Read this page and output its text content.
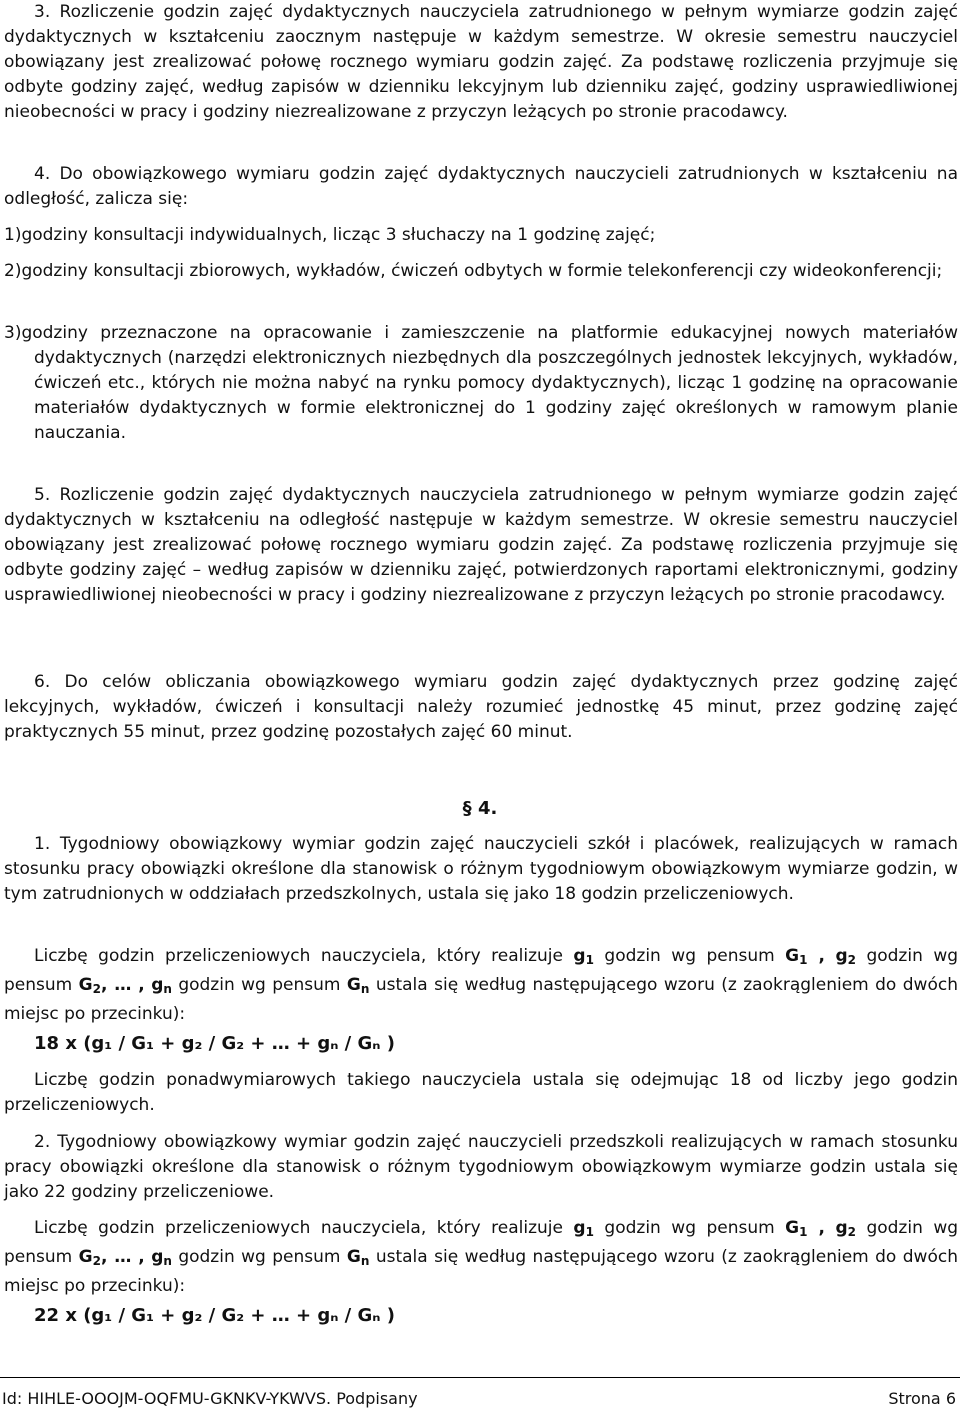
3. Rozliczenie godzin zajęć dydaktycznych nauczyciela zatrudnionego w pełnym wymiarze godzin zajęć dydaktycznych w kształceniu zaocznym następuje w każdym semestrze. W okresie semestru nauczyciel obowiązany jest zrealizować połowę rocznego wymiaru godzin zajęć. Za podstawę rozliczenia przyjmuje się odbyte godziny zajęć, według zapisów w dzienniku lekcyjnym lub dzienniku zajęć, godziny usprawiedliwionej nieobecności w pracy i godziny niezrealizowane z przyczyn leżących po stronie pracodawcy.

4. Do obowiązkowego wymiaru godzin zajęć dydaktycznych nauczycieli zatrudnionych w kształceniu na odległość, zalicza się:

1)godziny konsultacji indywidualnych, licząc 3 słuchaczy na 1 godzinę zajęć;

2)godziny konsultacji zbiorowych, wykładów, ćwiczeń odbytych w formie telekonferencji czy wideokonferencji;

3)godziny przeznaczone na opracowanie i zamieszczenie na platformie edukacyjnej nowych materiałów dydaktycznych (narzędzi elektronicznych niezbędnych dla poszczególnych jednostek lekcyjnych, wykładów, ćwiczeń etc., których nie można nabyć na rynku pomocy dydaktycznych), licząc 1 godzinę na opracowanie materiałów dydaktycznych w formie elektronicznej do 1 godziny zajęć określonych w ramowym planie nauczania.

5. Rozliczenie godzin zajęć dydaktycznych nauczyciela zatrudnionego w pełnym wymiarze godzin zajęć dydaktycznych w kształceniu na odległość następuje w każdym semestrze. W okresie semestru nauczyciel obowiązany jest zrealizować połowę rocznego wymiaru godzin zajęć. Za podstawę rozliczenia przyjmuje się odbyte godziny zajęć – według zapisów w dzienniku zajęć, potwierdzonych raportami elektronicznymi, godziny usprawiedliwionej nieobecności w pracy i godziny niezrealizowane z przyczyn leżących po stronie pracodawcy.

6. Do celów obliczania obowiązkowego wymiaru godzin zajęć dydaktycznych przez godzinę zajęć lekcyjnych, wykładów, ćwiczeń i konsultacji należy rozumieć jednostkę 45 minut, przez godzinę zajęć praktycznych 55 minut, przez godzinę pozostałych zajęć 60 minut.

§ 4.

1. Tygodniowy obowiązkowy wymiar godzin zajęć nauczycieli szkół i placówek, realizujących w ramach stosunku pracy obowiązki określone dla stanowisk o różnym tygodniowym obowiązkowym wymiarze godzin, w tym zatrudnionych w oddziałach przedszkolnych, ustala się jako 18 godzin przeliczeniowych.

Liczbę godzin przeliczeniowych nauczyciela, który realizuje $g_1$ godzin wg pensum $G_1$ , $g_2$ godzin wg pensum $G_2$, … , $g_n$ godzin wg pensum $G_n$ ustala się według następującego wzoru (z zaokrągleniem do dwóch miejsc po przecinku):

18 x (g₁ / G₁ + g₂ / G₂ + … + gₙ / Gₙ )

Liczbę godzin ponadwymiarowych takiego nauczyciela ustala się odejmując 18 od liczby jego godzin przeliczeniowych.

2. Tygodniowy obowiązkowy wymiar godzin zajęć nauczycieli przedszkoli realizujących w ramach stosunku pracy obowiązki określone dla stanowisk o różnym tygodniowym obowiązkowym wymiarze godzin ustala się jako 22 godziny przeliczeniowe.

Liczbę godzin przeliczeniowych nauczyciela, który realizuje $g_1$ godzin wg pensum $G_1$ , $g_2$ godzin wg pensum $G_2$, … , $g_n$ godzin wg pensum $G_n$ ustala się według następującego wzoru (z zaokrągleniem do dwóch miejsc po przecinku):

22 x (g₁ / G₁ + g₂ / G₂ + … + gₙ / Gₙ )
Id: HIHLE-OOOJM-OQFMU-GKNKV-YKWVS. Podpisany	Strona 6
